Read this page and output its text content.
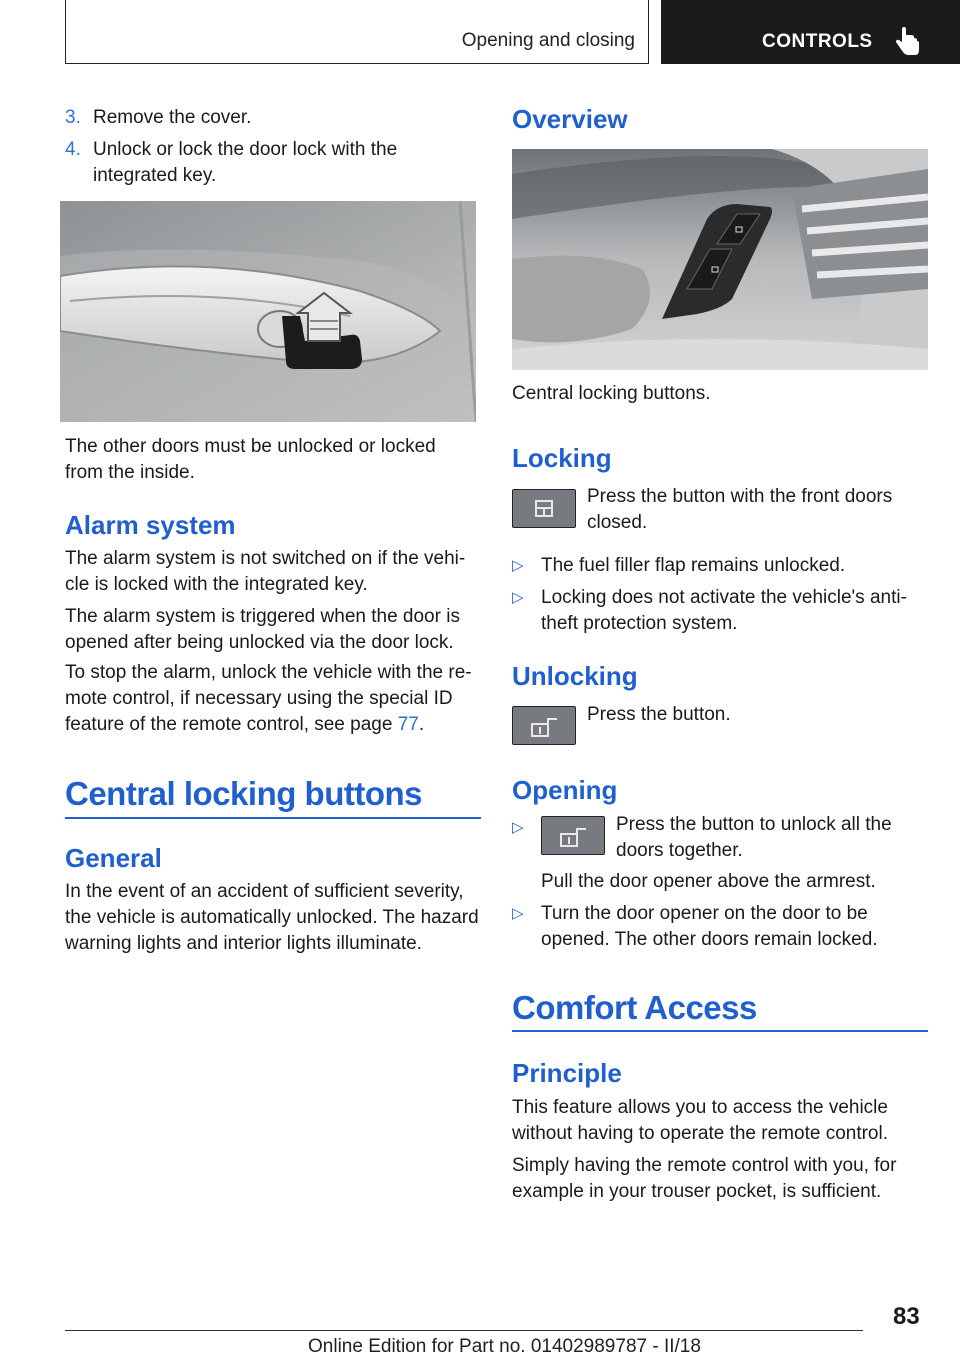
Opening and closing	CONTROLS
3. Remove the cover.
4. Unlock or lock the door lock with the integrated key.
The other doors must be unlocked or locked from the inside.
Alarm system
The alarm system is not switched on if the vehi-cle is locked with the integrated key.
The alarm system is triggered when the door is opened after being unlocked via the door lock.
To stop the alarm, unlock the vehicle with the re-mote control, if necessary using the special ID feature of the remote control, see page 77.
Central locking buttons
General
In the event of an accident of sufficient severity, the vehicle is automatically unlocked. The hazard warning lights and interior lights illuminate.
Overview
Central locking buttons.
Locking
Press the button with the front doors closed.
▷ The fuel filler flap remains unlocked.
▷ Locking does not activate the vehicle's anti-theft protection system.
Unlocking
Press the button.
Opening
▷	Press the button to unlock all the doors together.
Pull the door opener above the armrest.
▷ Turn the door opener on the door to be opened. The other doors remain locked.
Comfort Access
Principle
This feature allows you to access the vehicle without having to operate the remote control.
Simply having the remote control with you, for example in your trouser pocket, is sufficient.
83
Online Edition for Part no. 01402989787 - II/18
